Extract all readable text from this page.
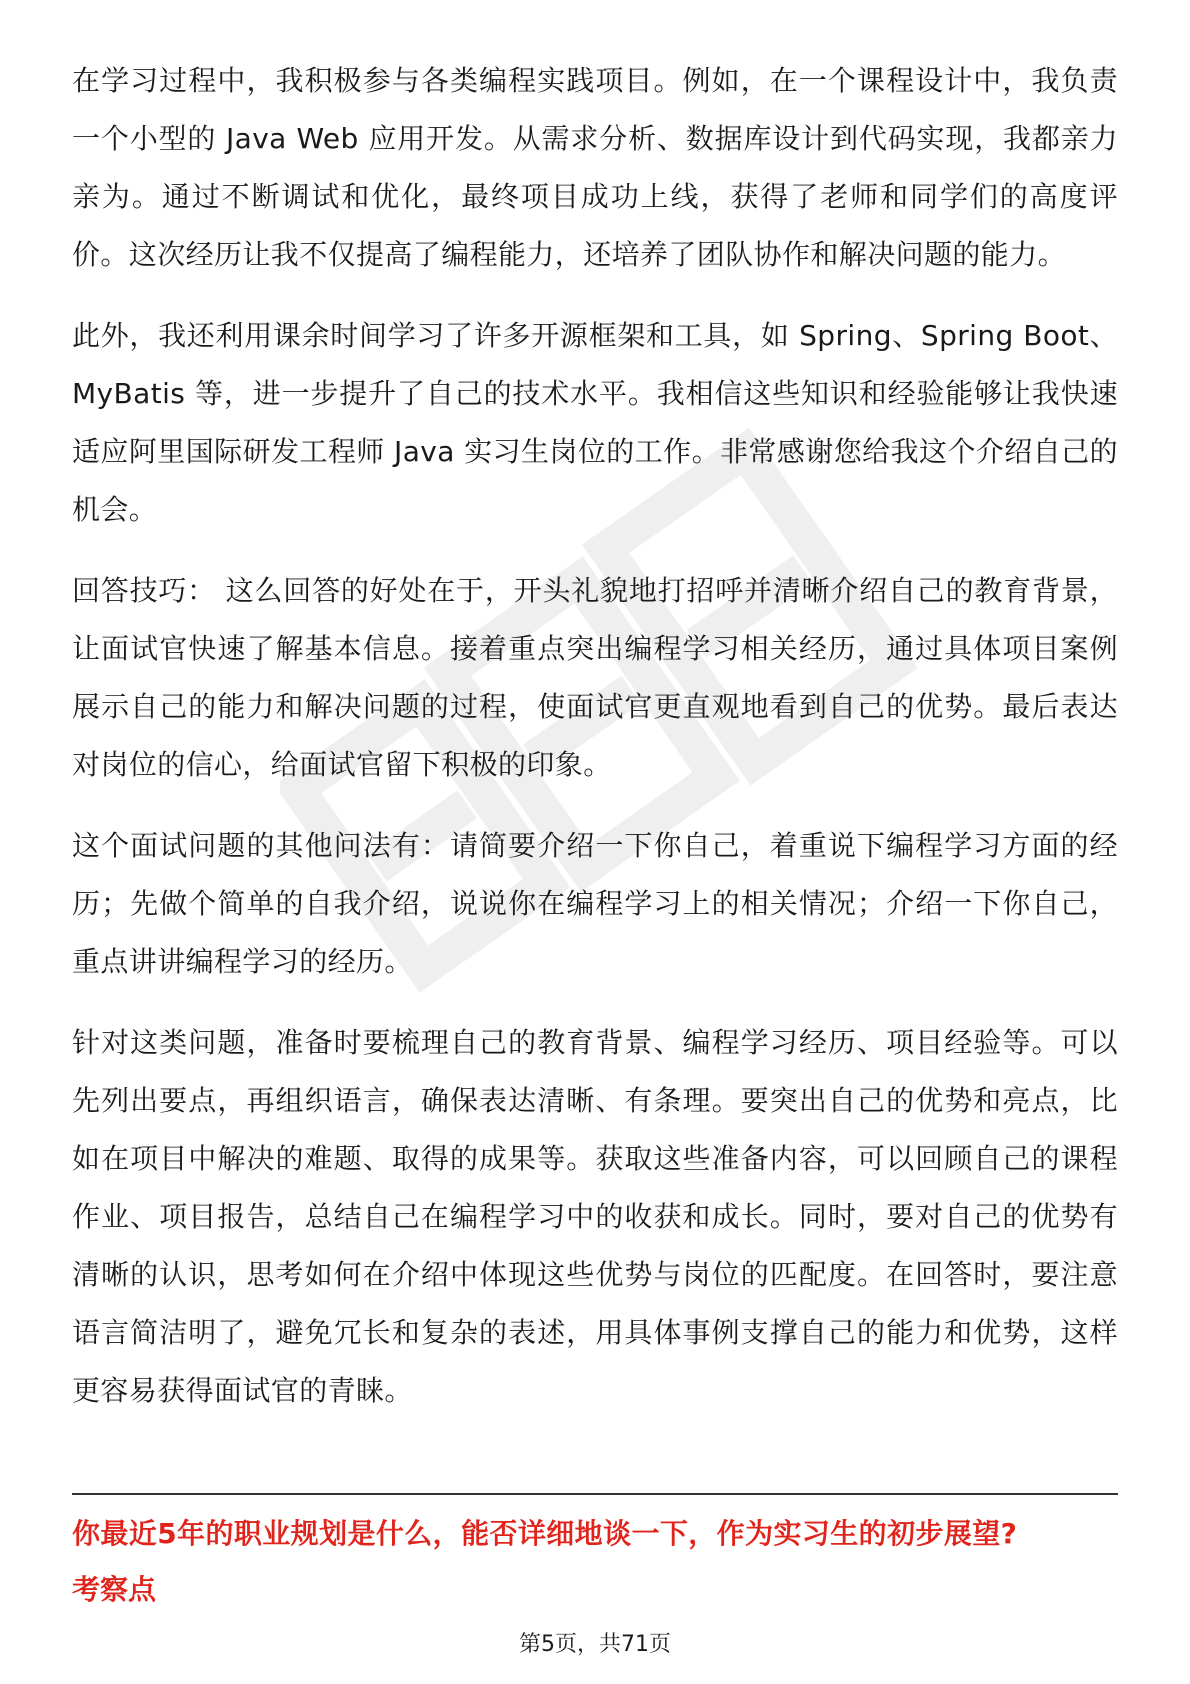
在学习过程中，我积极参与各类编程实践项目。例如，在一个课程设计中，我负责一个小型的 Java Web 应用开发。从需求分析、数据库设计到代码实现，我都亲力亲为。通过不断调试和优化，最终项目成功上线，获得了老师和同学们的高度评价。这次经历让我不仅提高了编程能力，还培养了团队协作和解决问题的能力。

此外，我还利用课余时间学习了许多开源框架和工具，如 Spring、Spring Boot、MyBatis 等，进一步提升了自己的技术水平。我相信这些知识和经验能够让我快速适应阿里国际研发工程师 Java 实习生岗位的工作。非常感谢您给我这个介绍自己的机会。

回答技巧： 这么回答的好处在于，开头礼貌地打招呼并清晰介绍自己的教育背景，让面试官快速了解基本信息。接着重点突出编程学习相关经历，通过具体项目案例展示自己的能力和解决问题的过程，使面试官更直观地看到自己的优势。最后表达对岗位的信心，给面试官留下积极的印象。

这个面试问题的其他问法有：请简要介绍一下你自己，着重说下编程学习方面的经历；先做个简单的自我介绍，说说你在编程学习上的相关情况；介绍一下你自己，重点讲讲编程学习的经历。

针对这类问题，准备时要梳理自己的教育背景、编程学习经历、项目经验等。可以先列出要点，再组织语言，确保表达清晰、有条理。要突出自己的优势和亮点，比如在项目中解决的难题、取得的成果等。获取这些准备内容，可以回顾自己的课程作业、项目报告，总结自己在编程学习中的收获和成长。同时，要对自己的优势有清晰的认识，思考如何在介绍中体现这些优势与岗位的匹配度。在回答时，要注意语言简洁明了，避免冗长和复杂的表述，用具体事例支撑自己的能力和优势，这样更容易获得面试官的青睐。

你最近5年的职业规划是什么，能否详细地谈一下，作为实习生的初步展望?

考察点

第5页，共71页
